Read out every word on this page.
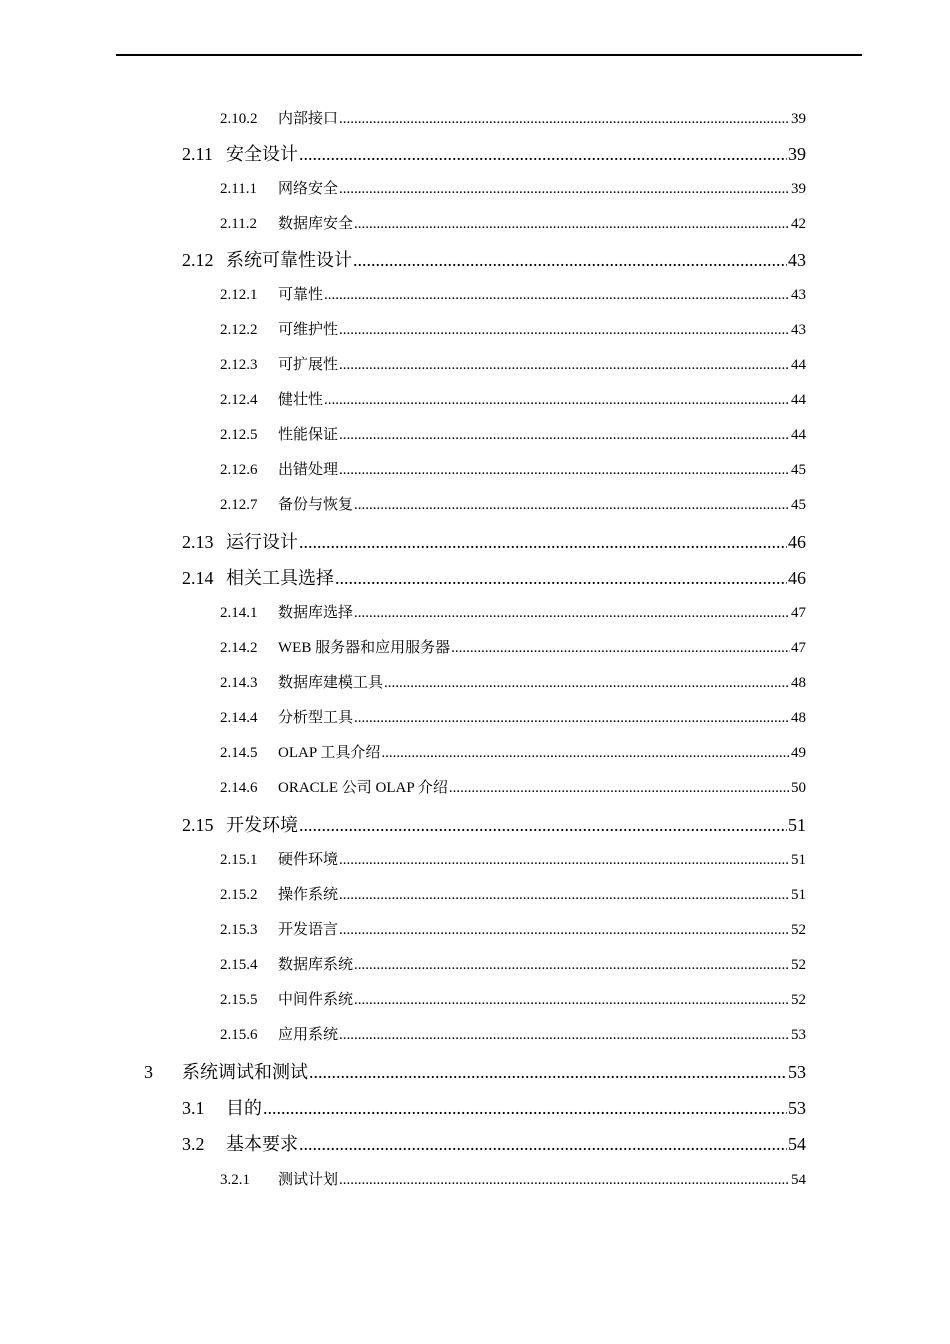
2.10.2	内部接口 .....	39
2.11 安全设计 .....	39
2.11.1	网络安全 .....	39
2.11.2	数据库安全 .....	42
2.12 系统可靠性设计 .....	43
2.12.1	可靠性 .....	43
2.12.2	可维护性 .....	43
2.12.3	可扩展性 .....	44
2.12.4	健壮性 .....	44
2.12.5	性能保证 .....	44
2.12.6	出错处理 .....	45
2.12.7	备份与恢复 .....	45
2.13 运行设计 .....	46
2.14 相关工具选择 .....	46
2.14.1	数据库选择 .....	47
2.14.2	WEB 服务器和应用服务器 .....	47
2.14.3	数据库建模工具 .....	48
2.14.4	分析型工具 .....	48
2.14.5	OLAP 工具介绍 .....	49
2.14.6	ORACLE 公司 OLAP 介绍 .....	50
2.15 开发环境 .....	51
2.15.1	硬件环境 .....	51
2.15.2	操作系统 .....	51
2.15.3	开发语言 .....	52
2.15.4	数据库系统 .....	52
2.15.5	中间件系统 .....	52
2.15.6	应用系统 .....	53
3	系统调试和测试 .....	53
3.1	目的 .....	53
3.2	基本要求 .....	54
3.2.1	测试计划 .....	54
